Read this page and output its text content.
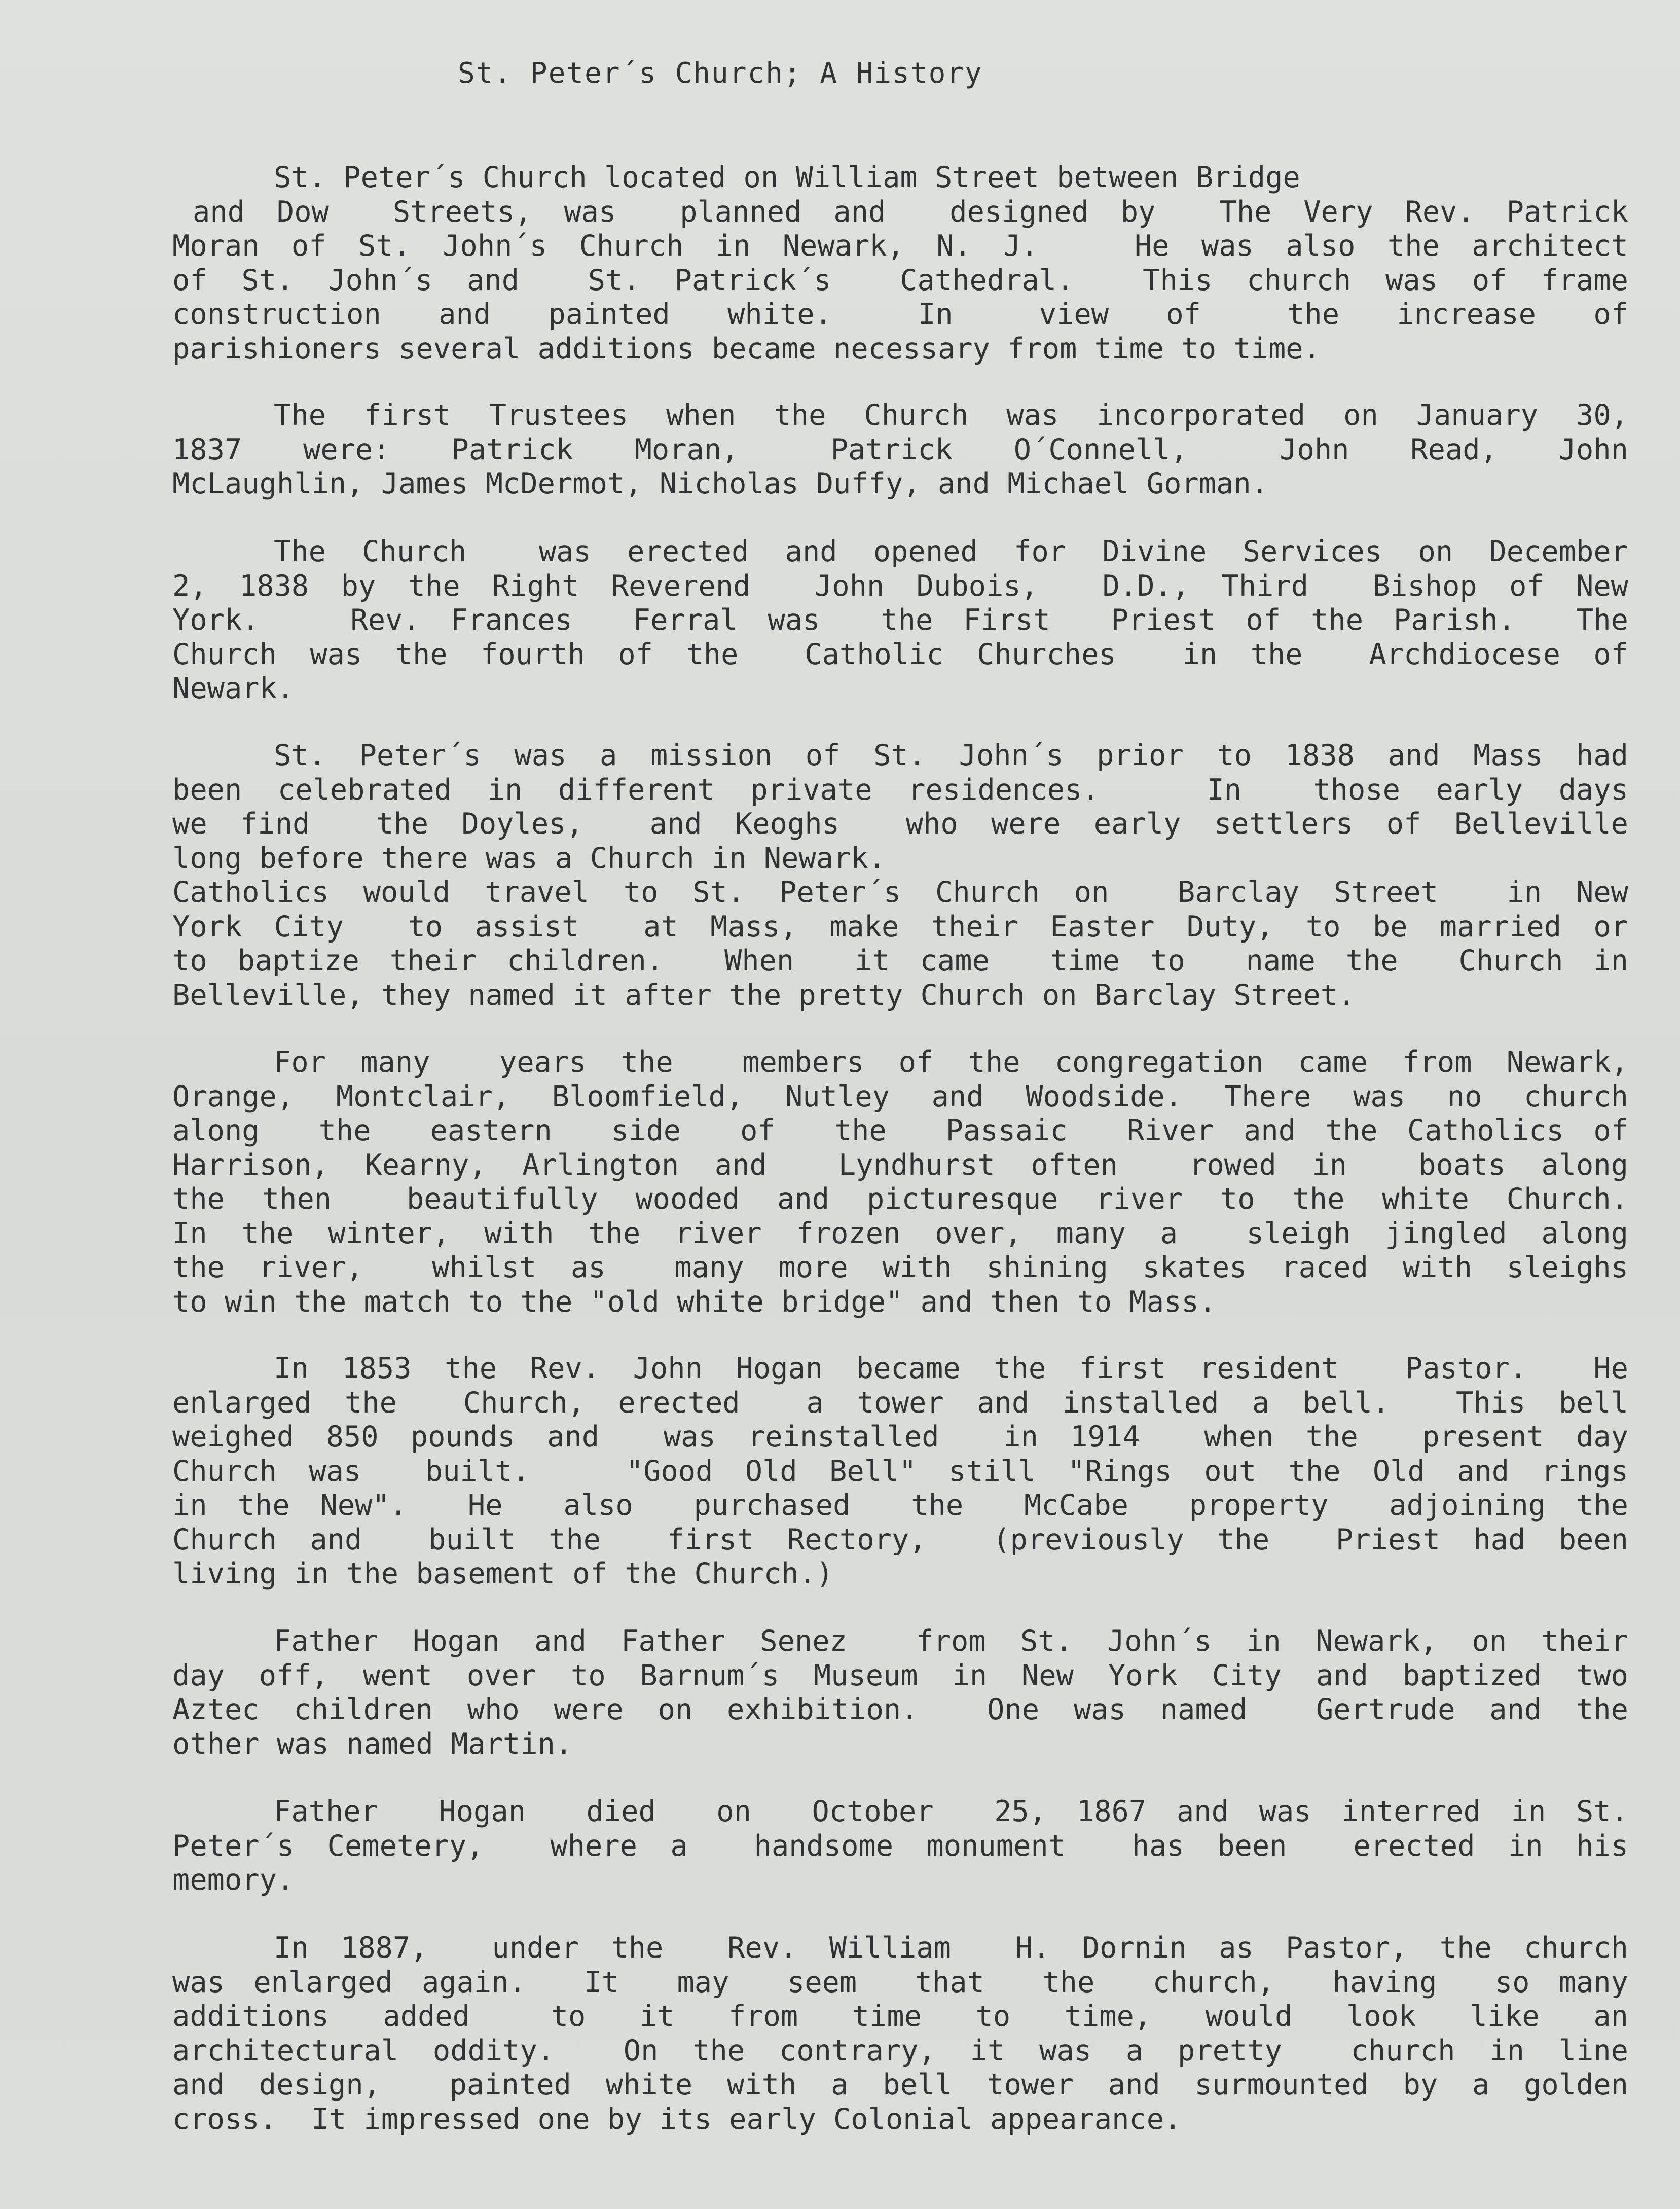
St. Peter´s Church; A History
St. Peter´s Church located on William Street between Bridge
and Dow  Streets, was  planned and  designed by  The Very Rev. Patrick
Moran of St. John´s Church in Newark, N. J.   He was also the architect
of St. John´s and  St. Patrick´s  Cathedral.  This church was of frame
construction  and  painted  white.   In   view  of   the  increase  of
parishioners several additions became necessary from time to time.
The first Trustees when the Church was incorporated on January 30,
1837  were:  Patrick  Moran,   Patrick  O´Connell,   John  Read,  John
McLaughlin, James McDermot, Nicholas Duffy, and Michael Gorman.
The Church  was erected and opened for Divine Services on December
2, 1838 by the Right Reverend  John Dubois,  D.D., Third  Bishop of New
York.   Rev. Frances  Ferral was  the First  Priest of the Parish.  The
Church was the fourth of the  Catholic Churches  in the  Archdiocese of
Newark.
St. Peter´s was a mission of St. John´s prior to 1838 and Mass had
been celebrated in different private residences.   In  those early days
we find  the Doyles,  and Keoghs  who were early settlers of Belleville
long before there was a Church in Newark.
Catholics would travel to St. Peter´s Church on  Barclay Street  in New
York City  to assist  at Mass, make their Easter Duty, to be married or
to baptize their children.  When  it came  time to  name the  Church in
Belleville, they named it after the pretty Church on Barclay Street.
For many  years the  members of the congregation came from Newark,
Orange, Montclair, Bloomfield, Nutley and Woodside. There was no church
along  the  eastern  side  of  the  Passaic  River and the Catholics of
Harrison, Kearny, Arlington and  Lyndhurst often  rowed in  boats along
the then  beautifully wooded and picturesque river to the white Church.
In the winter, with the river frozen over, many a  sleigh jingled along
the river,  whilst as  many more with shining skates raced with sleighs
to win the match to the "old white bridge" and then to Mass.
In 1853 the Rev. John Hogan became the first resident  Pastor.  He
enlarged the  Church, erected  a tower and installed a bell.  This bell
weighed 850 pounds and  was reinstalled  in 1914  when the  present day
Church was  built.   "Good Old Bell" still "Rings out the Old and rings
in the New".  He  also  purchased  the  McCabe  property  adjoining the
Church and  built the  first Rectory,  (previously the  Priest had been
living in the basement of the Church.)
Father Hogan and Father Senez  from St. John´s in Newark, on their
day off, went over to Barnum´s Museum in New York City and baptized two
Aztec children who were on exhibition.  One was named  Gertrude and the
other was named Martin.
Father  Hogan  died  on  October  25, 1867 and was interred in St.
Peter´s Cemetery,  where a  handsome monument  has been  erected in his
memory.
In 1887,  under the  Rev. William  H. Dornin as Pastor, the church
was enlarged again.  It  may  seem  that  the  church,  having  so many
additions  added   to  it  from  time  to  time,  would  look  like  an
architectural oddity.  On the contrary, it was a pretty  church in line
and design,  painted white with a bell tower and surmounted by a golden
cross.  It impressed one by its early Colonial appearance.
